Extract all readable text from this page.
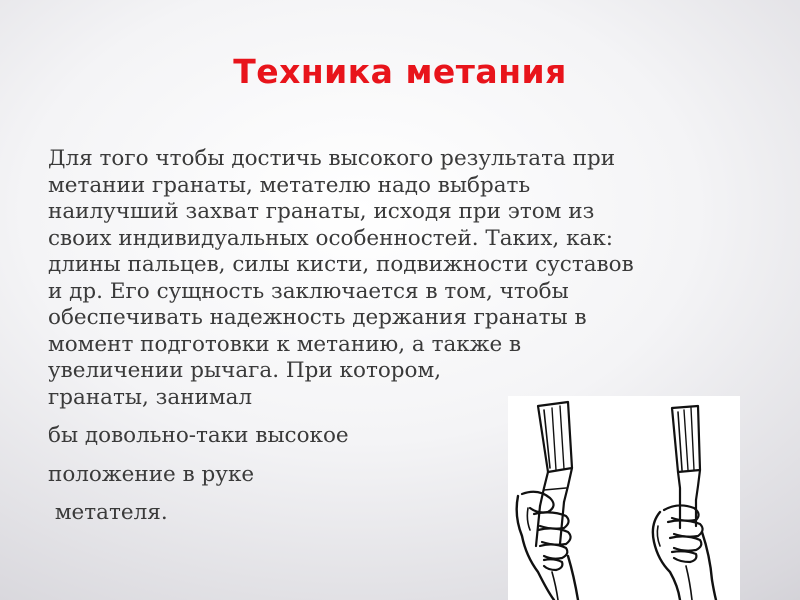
Техника метания
Для того чтобы достичь высокого результата при
метании гранаты, метателю надо выбрать
наилучший захват гранаты, исходя при этом из
своих индивидуальных особенностей. Таких, как:
длины пальцев, силы кисти, подвижности суставов
и др. Его сущность заключается в том, чтобы
обеспечивать надежность держания гранаты в
момент подготовки к метанию, а также в
увеличении рычага. При котором,
гранаты, занимал
бы довольно-таки высокое
положение в руке
метателя.
